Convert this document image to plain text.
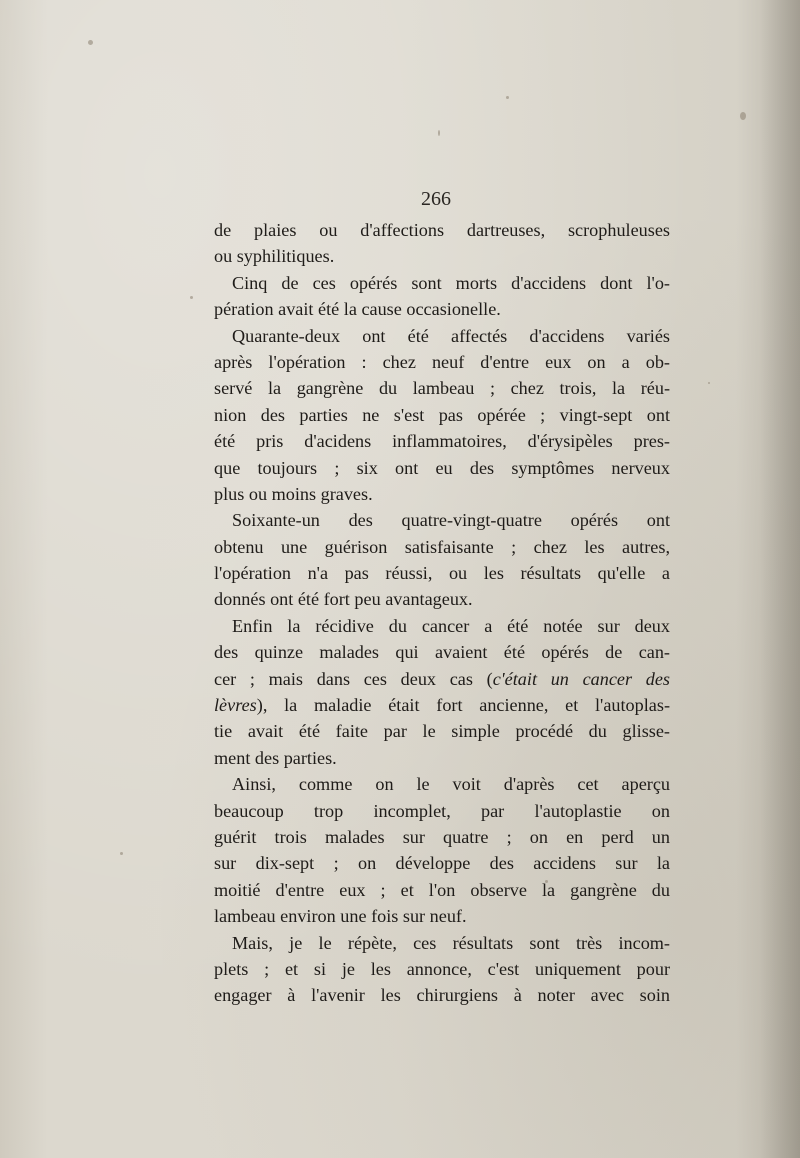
266
de plaies ou d'affections dartreuses, scrophuleuses
ou syphilitiques.
Cinq de ces opérés sont morts d'accidens dont l'o-
pération avait été la cause occasionelle.
Quarante-deux ont été affectés d'accidens variés
après l'opération : chez neuf d'entre eux on a ob-
servé la gangrène du lambeau ; chez trois, la réu-
nion des parties ne s'est pas opérée ; vingt-sept ont
été pris d'acidens inflammatoires, d'érysipèles pres-
que toujours ; six ont eu des symptômes nerveux
plus ou moins graves.
Soixante-un des quatre-vingt-quatre opérés ont
obtenu une guérison satisfaisante ; chez les autres,
l'opération n'a pas réussi, ou les résultats qu'elle a
donnés ont été fort peu avantageux.
Enfin la récidive du cancer a été notée sur deux
des quinze malades qui avaient été opérés de can-
cer ; mais dans ces deux cas (c'était un cancer des
lèvres), la maladie était fort ancienne, et l'autoplas-
tie avait été faite par le simple procédé du glisse-
ment des parties.
Ainsi, comme on le voit d'après cet aperçu
beaucoup trop incomplet, par l'autoplastie on
guérit trois malades sur quatre ; on en perd un
sur dix-sept ; on développe des accidens sur la
moitié d'entre eux ; et l'on observe la gangrène du
lambeau environ une fois sur neuf.
Mais, je le répète, ces résultats sont très incom-
plets ; et si je les annonce, c'est uniquement pour
engager à l'avenir les chirurgiens à noter avec soin
